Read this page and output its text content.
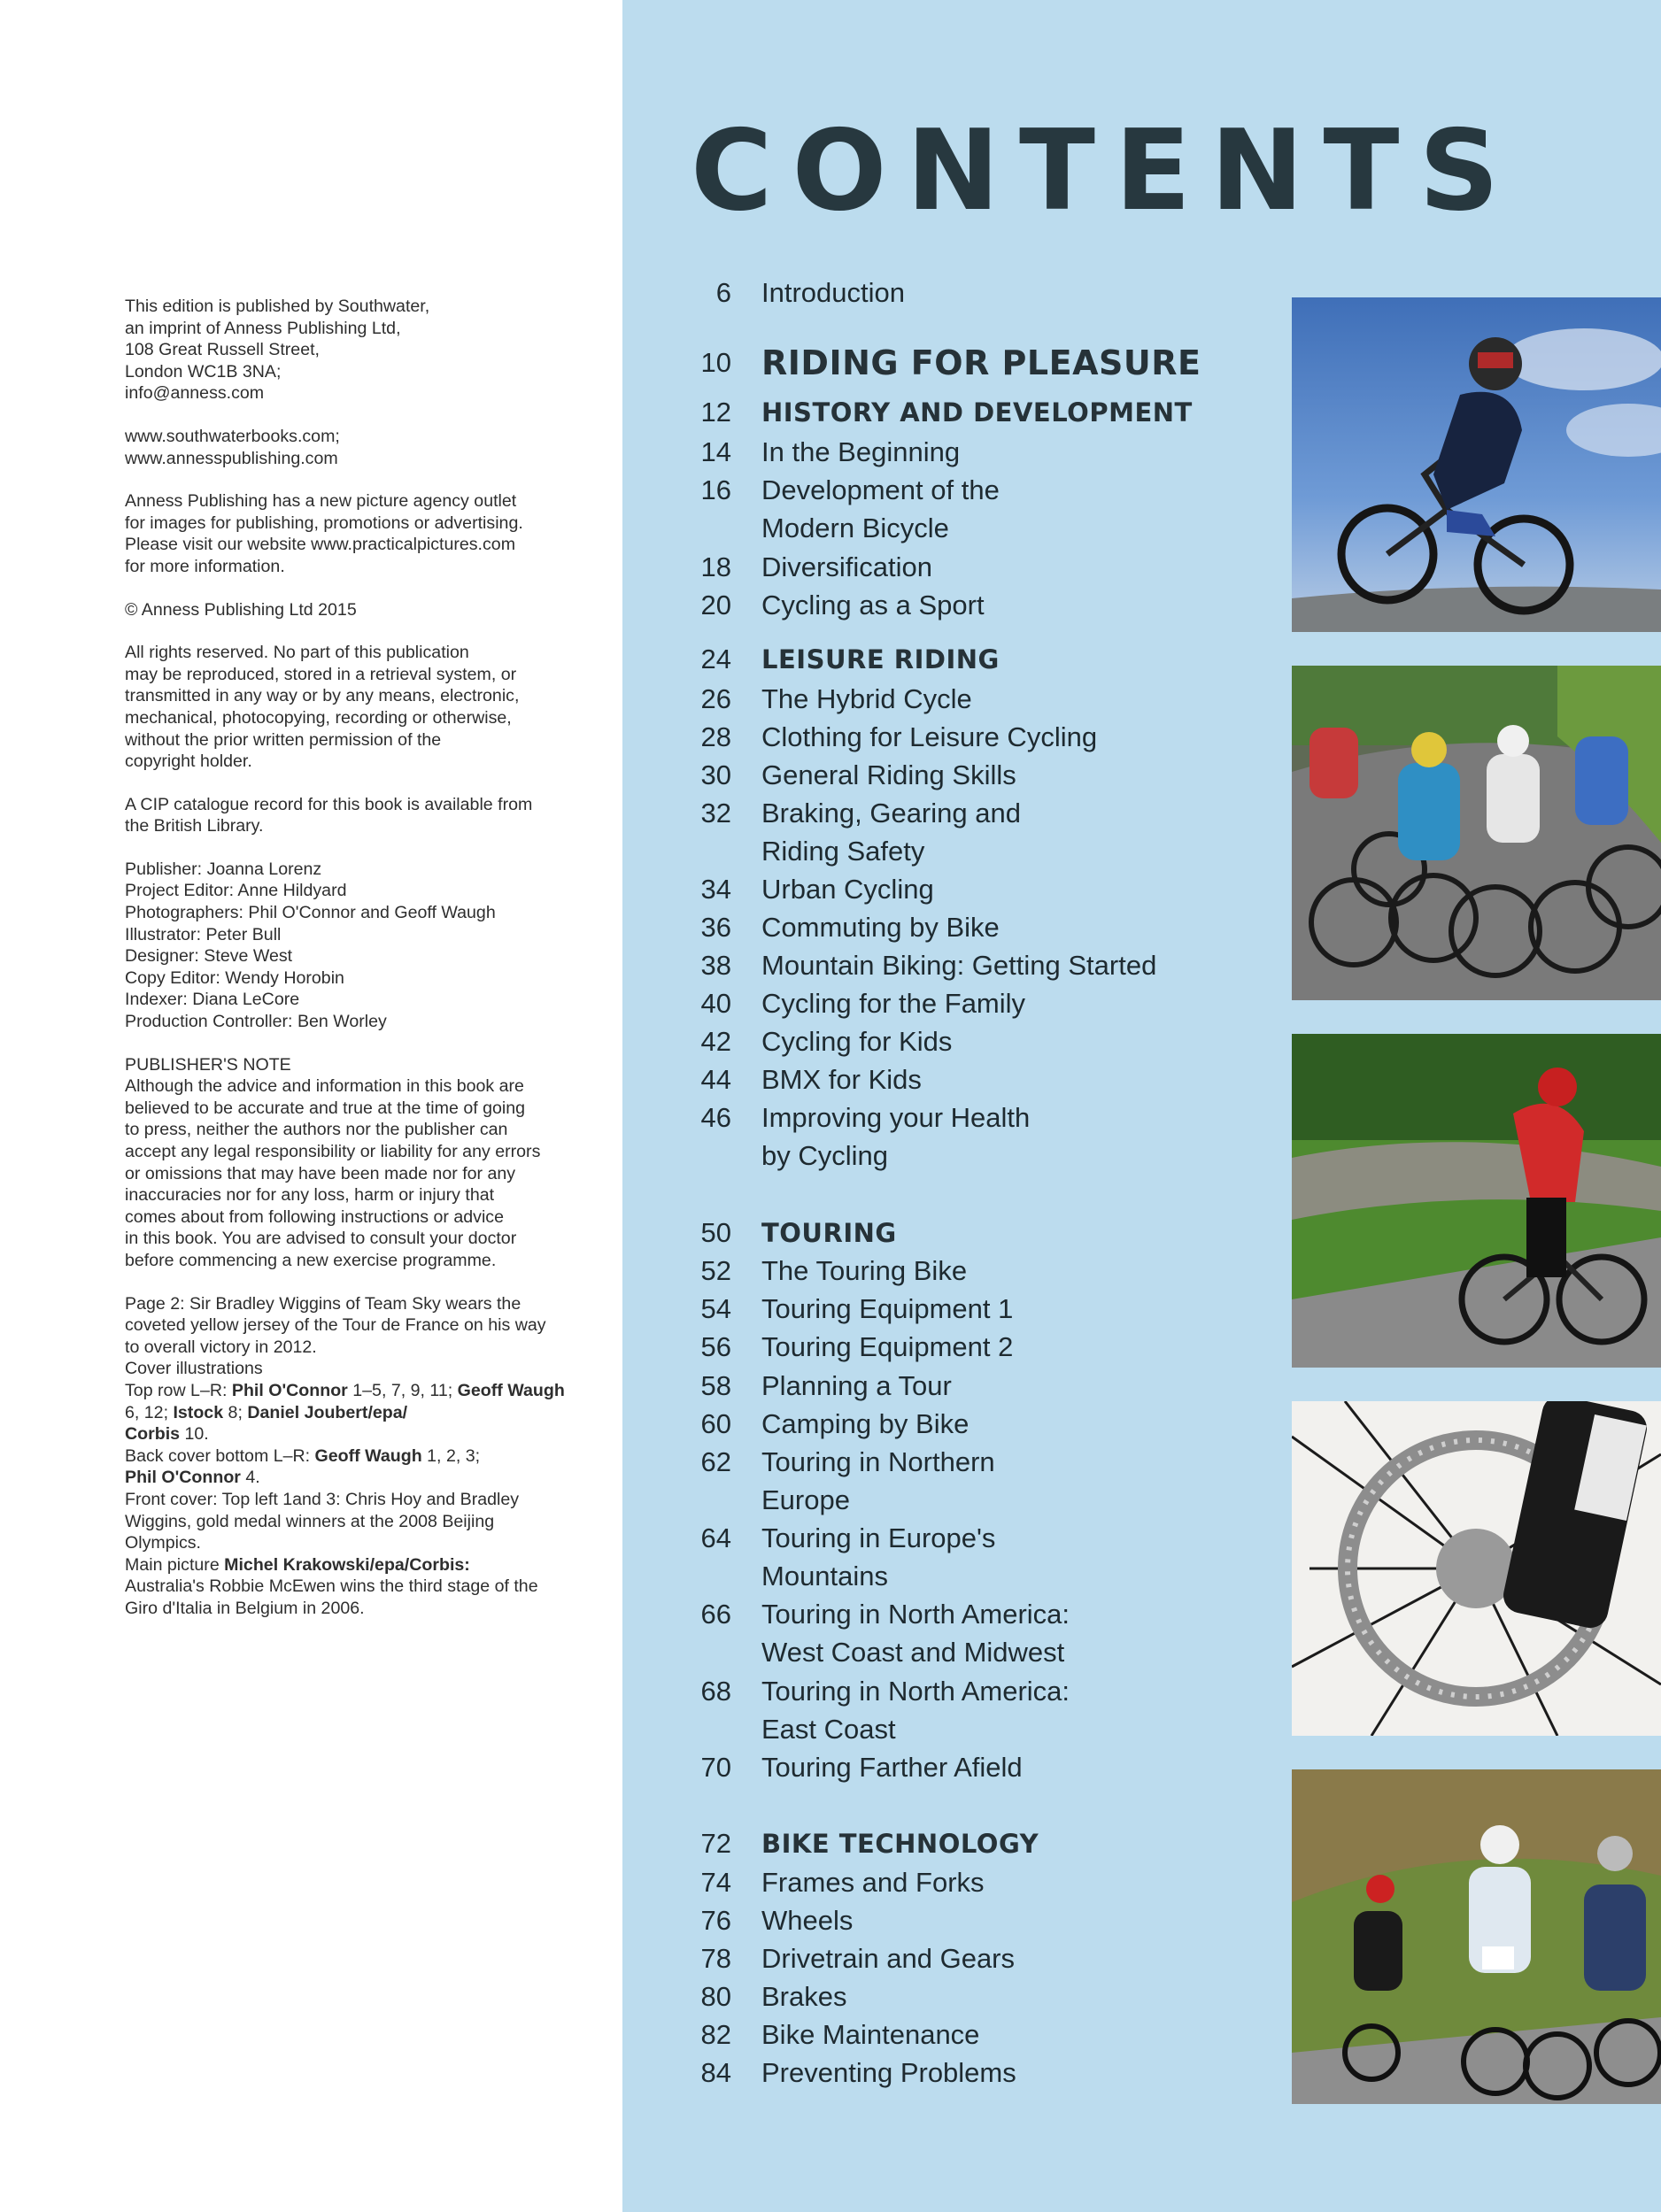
This edition is published by Southwater,
an imprint of Anness Publishing Ltd,
108 Great Russell Street,
London WC1B 3NA;
info@anness.com

www.southwaterbooks.com;
www.annesspublishing.com

Anness Publishing has a new picture agency outlet
for images for publishing, promotions or advertising.
Please visit our website www.practicalpictures.com
for more information.

© Anness Publishing Ltd 2015

All rights reserved. No part of this publication
may be reproduced, stored in a retrieval system, or
transmitted in any way or by any means, electronic,
mechanical, photocopying, recording or otherwise,
without the prior written permission of the
copyright holder.

A CIP catalogue record for this book is available from
the British Library.

Publisher: Joanna Lorenz
Project Editor: Anne Hildyard
Photographers: Phil O'Connor and Geoff Waugh
Illustrator: Peter Bull
Designer: Steve West
Copy Editor: Wendy Horobin
Indexer: Diana LeCore
Production Controller: Ben Worley

PUBLISHER'S NOTE
Although the advice and information in this book are
believed to be accurate and true at the time of going
to press, neither the authors nor the publisher can
accept any legal responsibility or liability for any errors
or omissions that may have been made nor for any
inaccuracies nor for any loss, harm or injury that
comes about from following instructions or advice
in this book. You are advised to consult your doctor
before commencing a new exercise programme.

Page 2: Sir Bradley Wiggins of Team Sky wears the
coveted yellow jersey of the Tour de France on his way
to overall victory in 2012.
Cover illustrations
Top row L–R: Phil O'Connor 1–5, 7, 9, 11; Geoff Waugh
6, 12; Istock 8; Daniel Joubert/epa/
Corbis 10.
Back cover bottom L–R: Geoff Waugh 1, 2, 3;
Phil O'Connor 4.
Front cover: Top left 1and 3: Chris Hoy and Bradley
Wiggins, gold medal winners at the 2008 Beijing
Olympics.
Main picture Michel Krakowski/epa/Corbis:
Australia's Robbie McEwen wins the third stage of the
Giro d'Italia in Belgium in 2006.

CONTENTS
6 Introduction
10 RIDING FOR PLEASURE
12 HISTORY AND DEVELOPMENT
14 In the Beginning
16 Development of the
Modern Bicycle
18 Diversification
20 Cycling as a Sport
24 LEISURE RIDING
26 The Hybrid Cycle
28 Clothing for Leisure Cycling
30 General Riding Skills
32 Braking, Gearing and
Riding Safety
34 Urban Cycling
36 Commuting by Bike
38 Mountain Biking: Getting Started
40 Cycling for the Family
42 Cycling for Kids
44 BMX for Kids
46 Improving your Health
by Cycling
50 TOURING
52 The Touring Bike
54 Touring Equipment 1
56 Touring Equipment 2
58 Planning a Tour
60 Camping by Bike
62 Touring in Northern
Europe
64 Touring in Europe's
Mountains
66 Touring in North America:
West Coast and Midwest
68 Touring in North America:
East Coast
70 Touring Farther Afield
72 BIKE TECHNOLOGY
74 Frames and Forks
76 Wheels
78 Drivetrain and Gears
80 Brakes
82 Bike Maintenance
84 Preventing Problems
